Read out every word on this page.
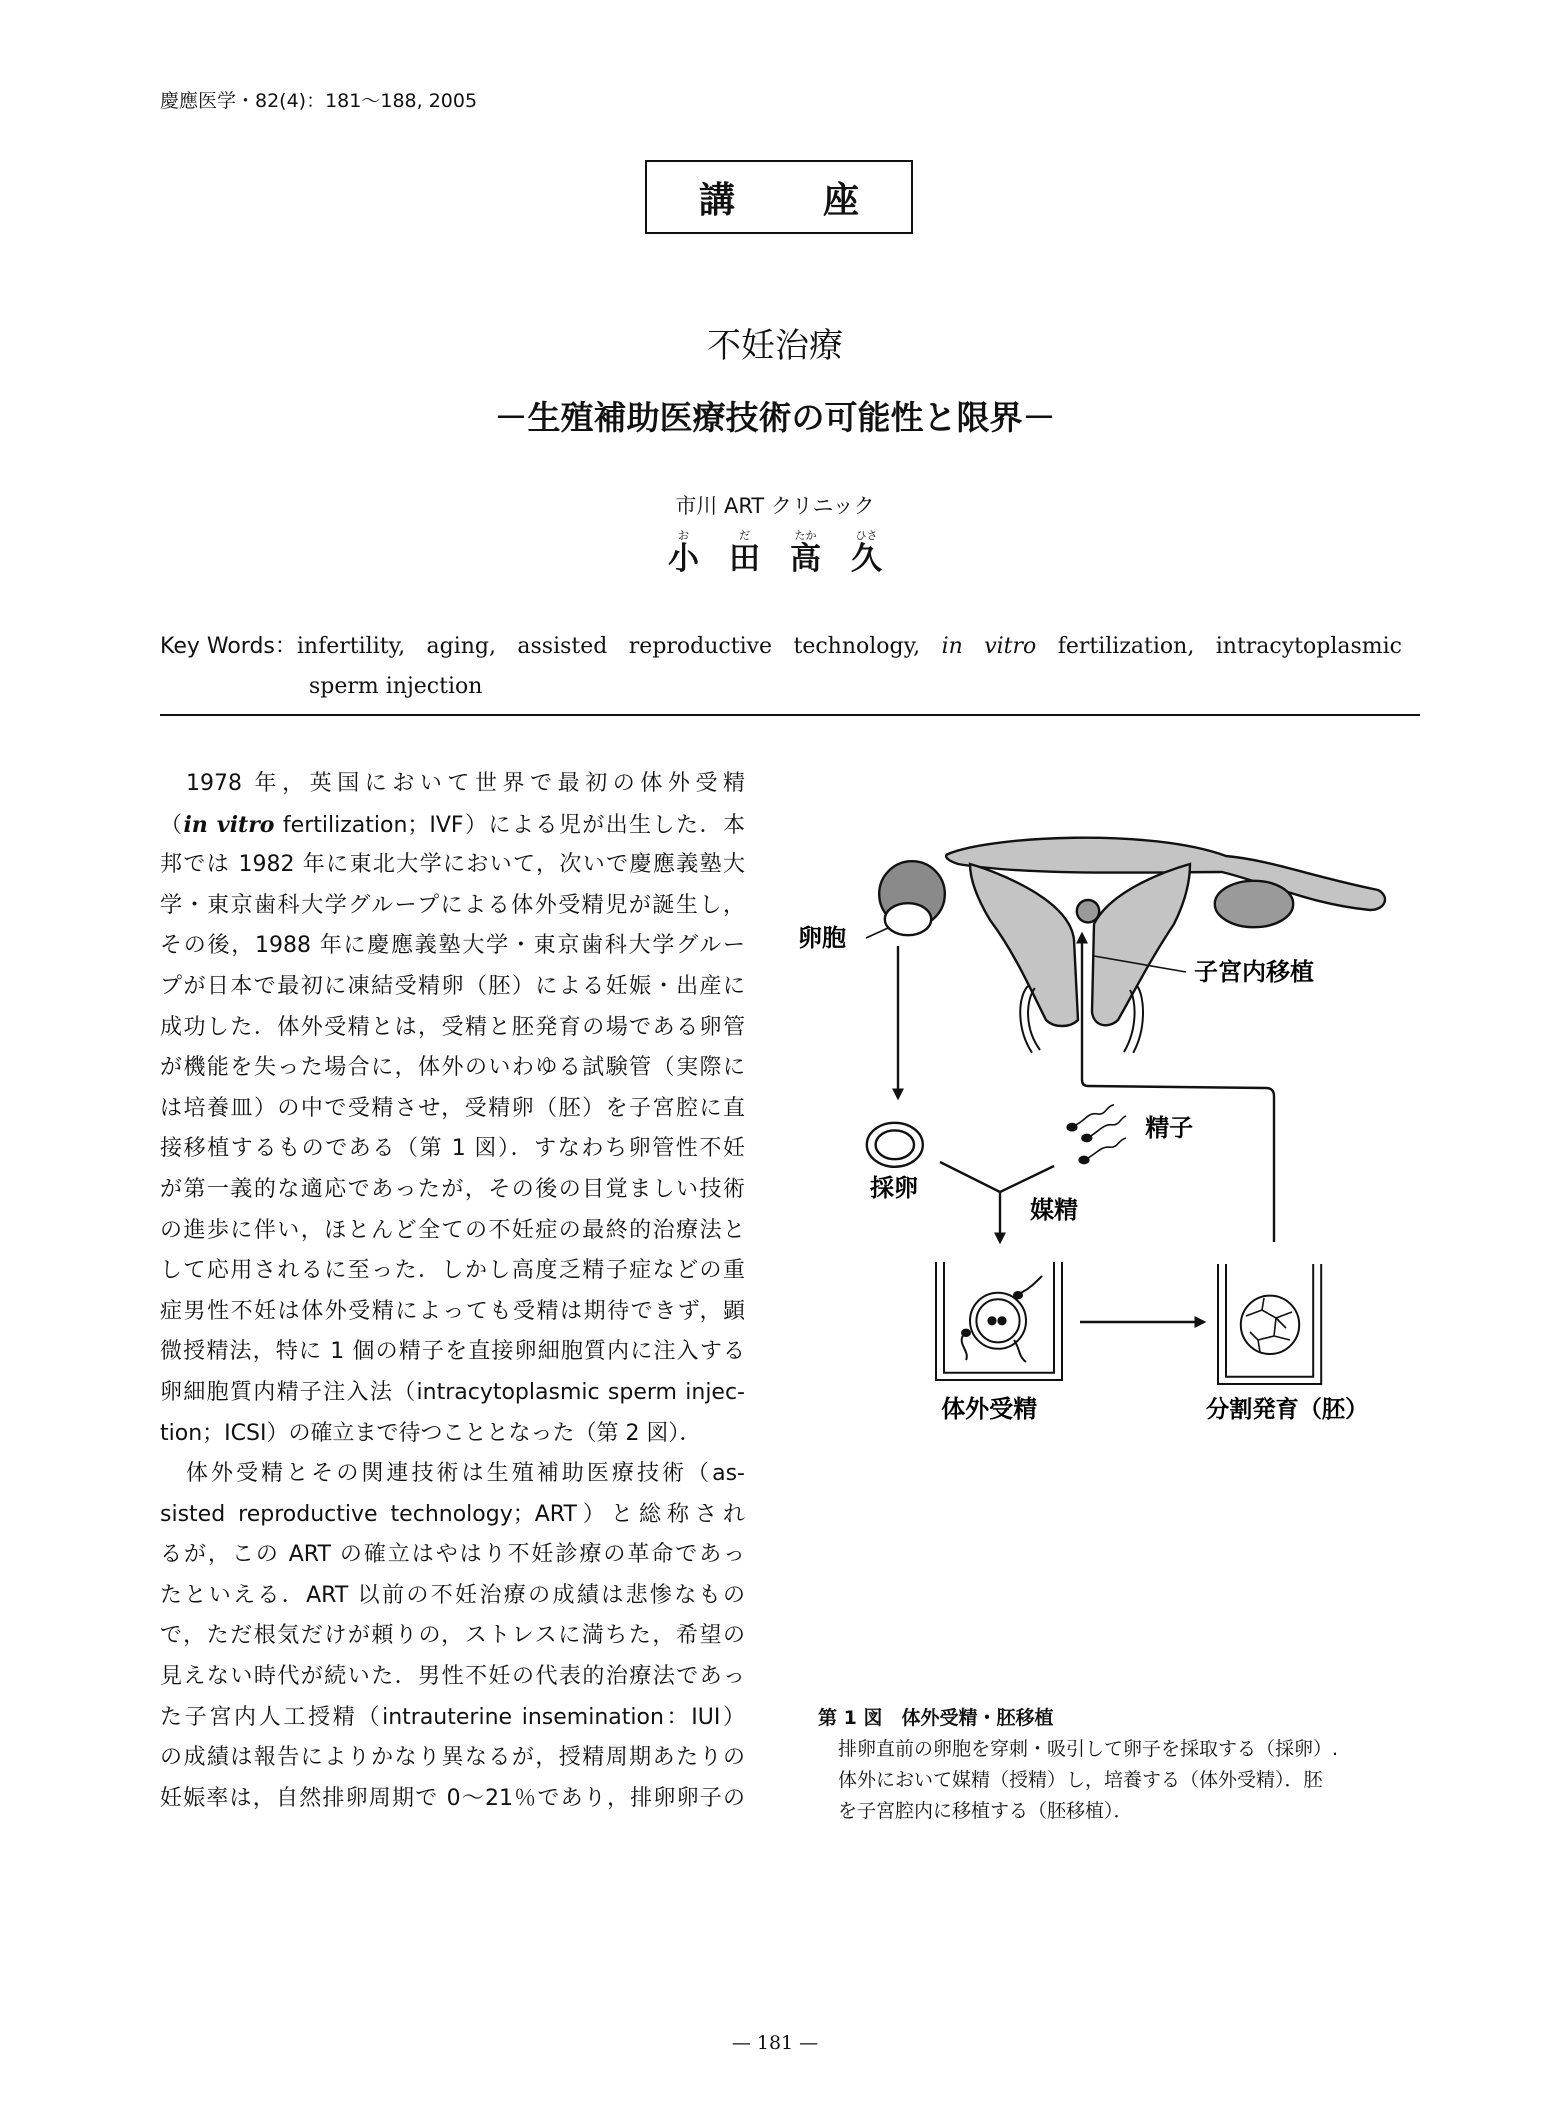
慶應医学・82(4)：181〜188, 2005
講 座
不妊治療
－生殖補助医療技術の可能性と限界－
市川 ART クリニック
お
小
だ
田
たか
高
ひさ
久
Key Words： infertility, aging, assisted reproductive technology, in vitro fertilization, intracytoplasmic
sperm injection
1978 年，英国において世界で最初の体外受精
（in vitro fertilization；IVF）による児が出生した．本
邦では 1982 年に東北大学において，次いで慶應義塾大
学・東京歯科大学グループによる体外受精児が誕生し，
その後，1988 年に慶應義塾大学・東京歯科大学グルー
プが日本で最初に凍結受精卵（胚）による妊娠・出産に
成功した．体外受精とは，受精と胚発育の場である卵管
が機能を失った場合に，体外のいわゆる試験管（実際に
は培養皿）の中で受精させ，受精卵（胚）を子宮腔に直
接移植するものである（第 1 図）．すなわち卵管性不妊
が第一義的な適応であったが，その後の目覚ましい技術
の進歩に伴い，ほとんど全ての不妊症の最終的治療法と
して応用されるに至った．しかし高度乏精子症などの重
症男性不妊は体外受精によっても受精は期待できず，顕
微授精法，特に 1 個の精子を直接卵細胞質内に注入する
卵細胞質内精子注入法（intracytoplasmic sperm injec-
tion；ICSI）の確立まで待つこととなった（第 2 図）．
体外受精とその関連技術は生殖補助医療技術（as-
sisted reproductive technology；ART）と総称され
るが，この ART の確立はやはり不妊診療の革命であっ
たといえる．ART 以前の不妊治療の成績は悲惨なもの
で，ただ根気だけが頼りの，ストレスに満ちた，希望の
見えない時代が続いた．男性不妊の代表的治療法であっ
た子宮内人工授精（intrauterine insemination：IUI）
の成績は報告によりかなり異なるが，授精周期あたりの
妊娠率は，自然排卵周期で 0〜21％であり，排卵卵子の
卵胞
子宮内移植
精子
採卵
媒精
体外受精	分割発育（胚）
第 1 図　体外受精・胚移植
排卵直前の卵胞を穿刺・吸引して卵子を採取する（採卵）.
体外において媒精（授精）し，培養する（体外受精）．胚
を子宮腔内に移植する（胚移植）．
— 181 —
